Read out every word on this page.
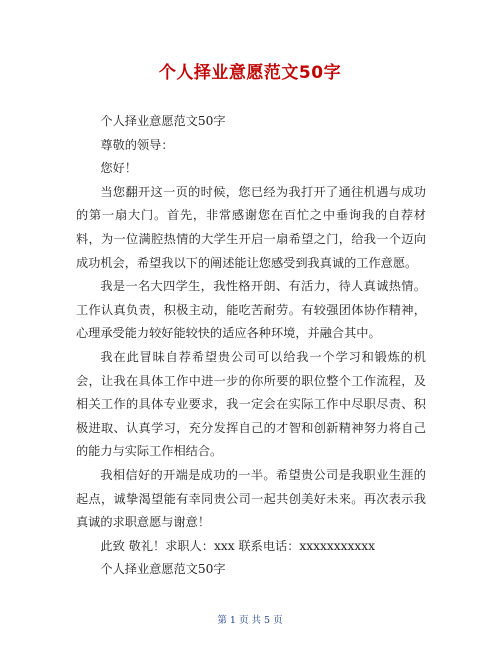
个人择业意愿范文50字

个人择业意愿范文50字

尊敬的领导：

您好！

当您翻开这一页的时候，您已经为我打开了通往机遇与成功的第一扇大门。首先，非常感谢您在百忙之中垂询我的自荐材料，为一位满腔热情的大学生开启一扇希望之门，给我一个迈向成功机会，希望我以下的阐述能让您感受到我真诚的工作意愿。

我是一名大四学生，我性格开朗、有活力，待人真诚热情。工作认真负责，积极主动，能吃苦耐劳。有较强团体协作精神，心理承受能力较好能较快的适应各种环境，并融合其中。

我在此冒昧自荐希望贵公司可以给我一个学习和锻炼的机会，让我在具体工作中进一步的你所要的职位整个工作流程，及相关工作的具体专业要求，我一定会在实际工作中尽职尽责、积极进取、认真学习，充分发挥自己的才智和创新精神努力将自己的能力与实际工作相结合。

我相信好的开端是成功的一半。希望贵公司是我职业生涯的起点，诚挚渴望能有幸同贵公司一起共创美好未来。再次表示我真诚的求职意愿与谢意！

此致 敬礼！求职人：xxx 联系电话：xxxxxxxxxxx

个人择业意愿范文50字

第 1 页 共 5 页
